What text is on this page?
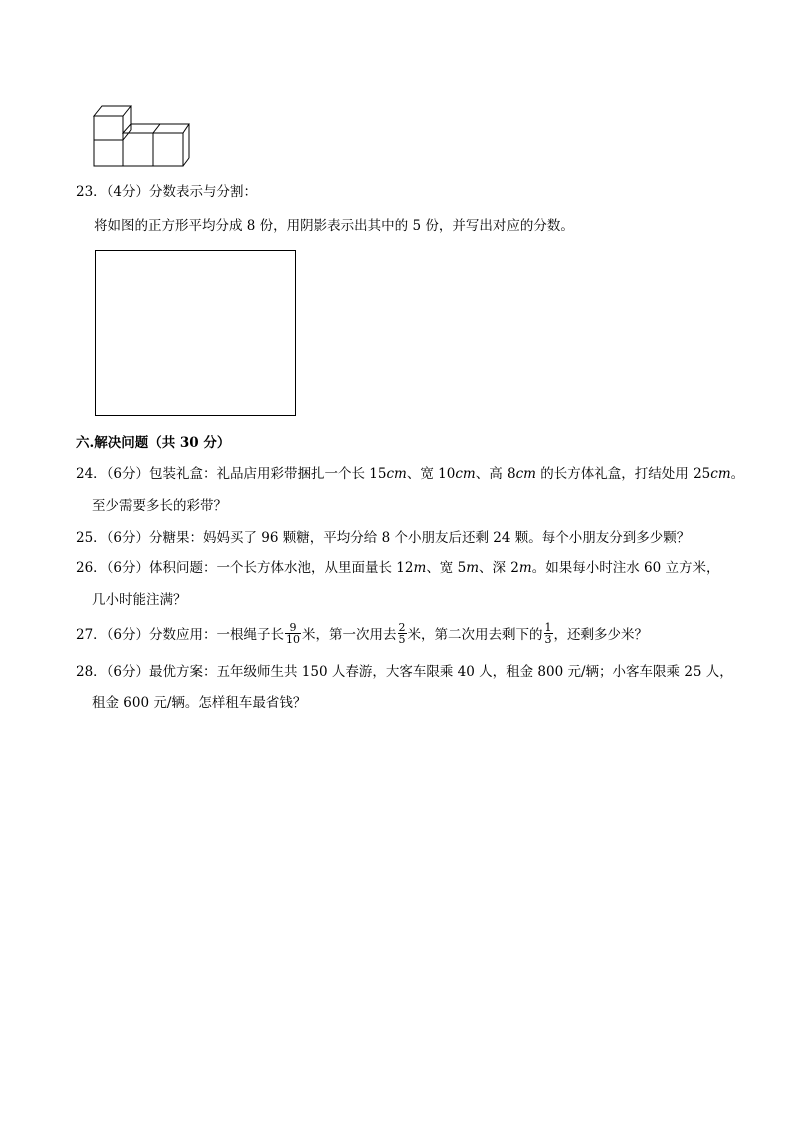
23．（4分）分数表示与分割：
将如图的正方形平均分成 8 份，用阴影表示出其中的 5 份，并写出对应的分数。
六.解决问题（共 30 分）
24．（6分）包装礼盒：礼品店用彩带捆扎一个长 15cm、宽 10cm、高 8cm 的长方体礼盒，打结处用 25cm。
至少需要多长的彩带？
25．（6分）分糖果：妈妈买了 96 颗糖，平均分给 8 个小朋友后还剩 24 颗。每个小朋友分到多少颗？
26．（6分）体积问题：一个长方体水池，从里面量长 12m、宽 5m、深 2m。如果每小时注水 60 立方米，
几小时能注满？
27．（6分）分数应用：一根绳子长 $\frac{9}{10}$ 米，第一次用去 $\frac{2}{5}$ 米，第二次用去剩下的 $\frac{1}{3}$ ，还剩多少米？
28．（6分）最优方案：五年级师生共 150 人春游，大客车限乘 40 人，租金 800 元/辆；小客车限乘 25 人，
租金 600 元/辆。怎样租车最省钱？
